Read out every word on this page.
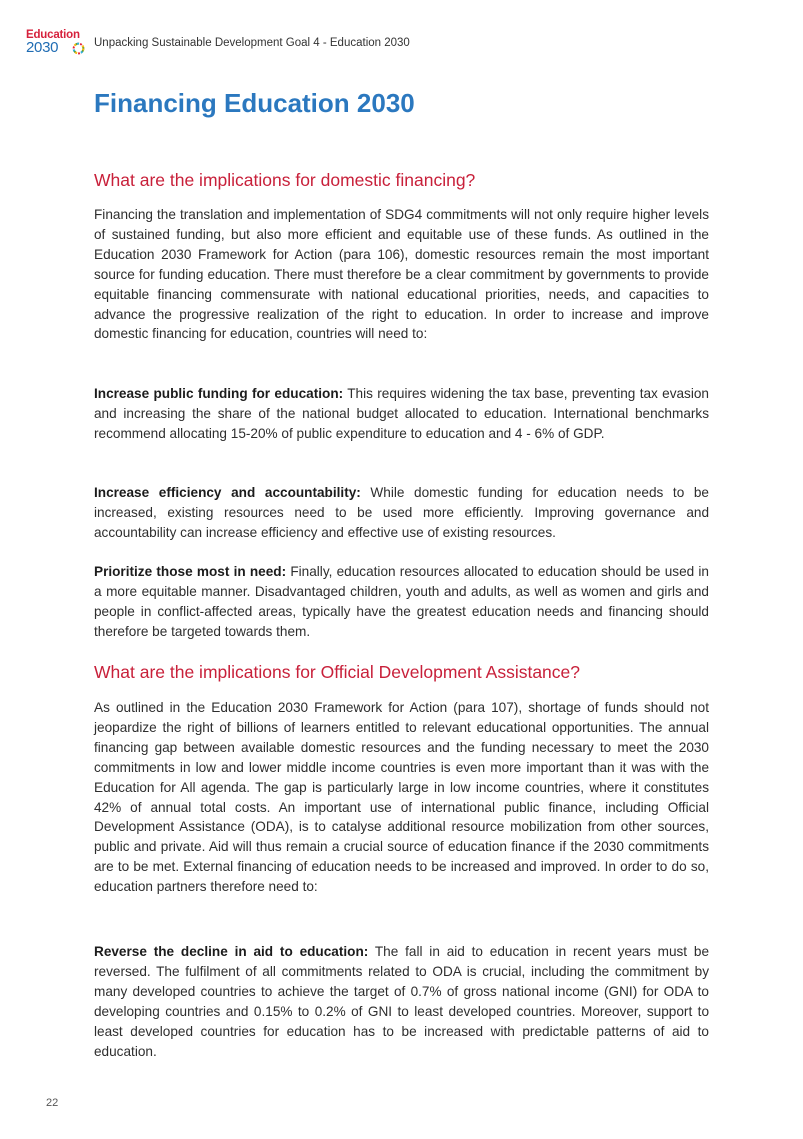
Education
2030	Unpacking Sustainable Development Goal 4 - Education 2030
Financing Education 2030
What are the implications for domestic financing?

Financing the translation and implementation of SDG4 commitments will not only require higher levels of sustained funding, but also more efficient and equitable use of these funds. As outlined in the Education 2030 Framework for Action (para 106), domestic resources remain the most important source for funding education. There must therefore be a clear commitment by governments to provide equitable financing commensurate with national educational priorities, needs, and capacities to advance the progressive realization of the right to education. In order to increase and improve domestic financing for education, countries will need to:

Increase public funding for education: This requires widening the tax base, preventing tax evasion and increasing the share of the national budget allocated to education. International benchmarks recommend allocating 15-20% of public expenditure to education and 4 - 6% of GDP.

Increase efficiency and accountability: While domestic funding for education needs to be increased, existing resources need to be used more efficiently. Improving governance and accountability can increase efficiency and effective use of existing resources.

Prioritize those most in need: Finally, education resources allocated to education should be used in a more equitable manner. Disadvantaged children, youth and adults, as well as women and girls and people in conflict-affected areas, typically have the greatest education needs and financing should therefore be targeted towards them.

What are the implications for Official Development Assistance?

As outlined in the Education 2030 Framework for Action (para 107), shortage of funds should not jeopardize the right of billions of learners entitled to relevant educational opportunities. The annual financing gap between available domestic resources and the funding necessary to meet the 2030 commitments in low and lower middle income countries is even more important than it was with the Education for All agenda. The gap is particularly large in low income countries, where it constitutes 42% of annual total costs. An important use of international public finance, including Official Development Assistance (ODA), is to catalyse additional resource mobilization from other sources, public and private. Aid will thus remain a crucial source of education finance if the 2030 commitments are to be met. External financing of education needs to be increased and improved. In order to do so, education partners therefore need to:

Reverse the decline in aid to education: The fall in aid to education in recent years must be reversed. The fulfilment of all commitments related to ODA is crucial, including the commitment by many developed countries to achieve the target of 0.7% of gross national income (GNI) for ODA to developing countries and 0.15% to 0.2% of GNI to least developed countries. Moreover, support to least developed countries for education has to be increased with predictable patterns of aid to education.

22
